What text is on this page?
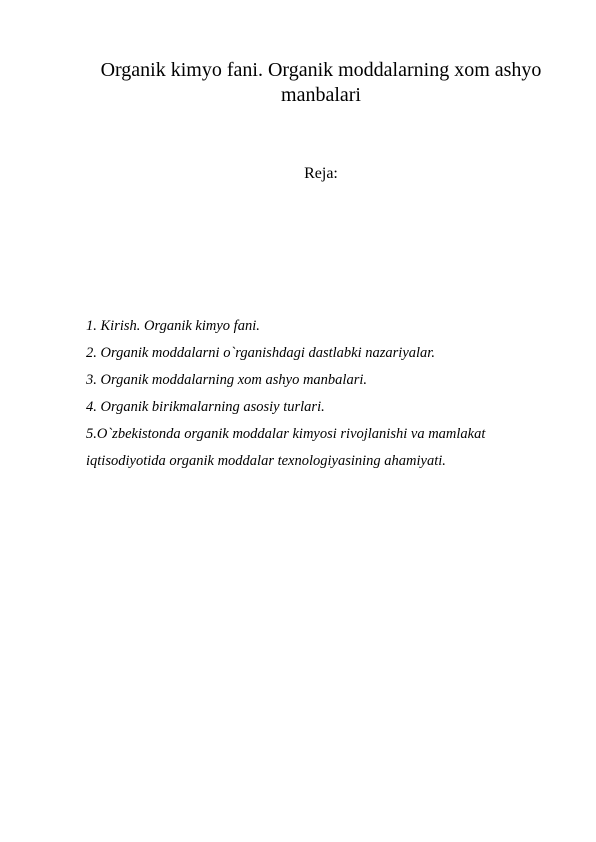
Organik kimyo fani. Organik moddalarning xom ashyo manbalari

Reja:

1. Kirish. Organik kimyo fani.
2. Organik moddalarni o`rganishdagi dastlabki nazariyalar.
3. Organik moddalarning xom ashyo manbalari.
4. Organik birikmalarning asosiy turlari.
5.O`zbekistonda organik moddalar kimyosi rivojlanishi va mamlakat iqtisodiyotida organik moddalar texnologiyasining ahamiyati.
